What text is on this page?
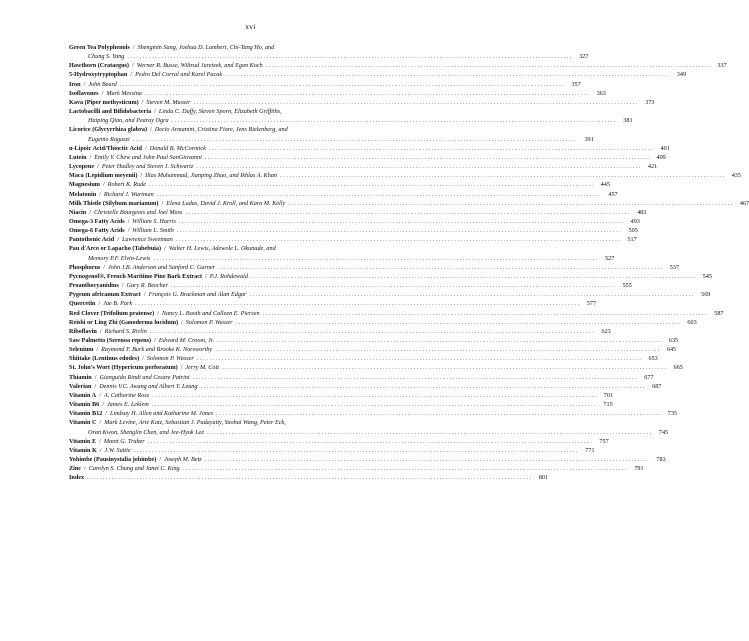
xvi
Green Tea Polyphenols / Shengmin Sang, Joshua D. Lambert, Chi-Tang Ho, and
Chung S. Yang . . .	327
Hawthorn (Crataegus) / Werner R. Busse, Wiltrud Juretzek, and Egon Koch . . .	337
5-Hydroxytryptophan / Pedro Del Corral and Karel Pacak . . .	349
Iron / John Beard . . .	357
Isoflavones / Mark Messina . . .	363
Kava (Piper methysticum) / Steven M. Musser . . .	373
Lactobacilli and Bifidobacteria / Linda C. Duffy, Steven Sporn, Elizabeth Griffiths,
Haiping Qiao, and Pearay Ogra . . .	381
Licorice (Glycyrrhiza glabra) / Decio Armanini, Cristina Fiore, Jens Bielenberg, and
Eugenio Ragazzi . . .	391
α-Lipoic Acid/Thioctic Acid / Donald B. McCormick . . .	401
Lutein / Emily Y. Chew and John Paul SanGiovanni . . .	409
Lycopene / Peter Hadley and Steven J. Schwartz . . .	421
Maca (Lepidium meyenii) / Ilias Muhammad, Jianping Zhao, and Ikhlas A. Khan . . .	435
Magnesium / Robert K. Rude . . .	445
Melatonin / Richard J. Wurtman . . .	457
Milk Thistle (Silybum marianum) / Elena Ladas, David J. Kroll, and Kara M. Kelly . . .	467
Niacin / Christelle Bourgeois and Joel Moss . . .	483
Omega-3 Fatty Acids / William S. Harris . . .	493
Omega-6 Fatty Acids / William L. Smith . . .	505
Pantothenic Acid / Lawrence Sweetman . . .	517
Pau d'Arco or Lapacho (Tabebuia) / Walter H. Lewis, Adewole L. Okunade, and
Memory P.F. Elvin-Lewis . . .	527
Phosphorus / John J.B. Anderson and Sanford C. Garner . . .	537
Pycnogenol®, French Maritime Pine Bark Extract / P.J. Rohdewald . . .	545
Proanthocyanidins / Gary R. Beecher . . .	555
Pygeum africanum Extract / François G. Brackman and Alan Edgar . . .	569
Quercetin / Jae B. Park . . .	577
Red Clover (Trifolium pratense) / Nancy L. Booth and Colleen E. Piersen . . .	587
Reishi or Ling Zhi (Ganoderma lucidum) / Solomon P. Wasser . . .	603
Riboflavin / Richard S. Rivlin . . .	623
Saw Palmetto (Serenoa repens) / Edward M. Croom, Jr. . . .	635
Selenium / Raymond F. Burk and Brooke K. Norsworthy . . .	645
Shiitake (Lentinus edodes) / Solomon P. Wasser . . .	653
St. John's Wort (Hypericum perforatum) / Jerry M. Cott . . .	665
Thiamin / Gianguido Rindi and Cesare Patrini . . .	677
Valerian / Dennis V.C. Awang and Albert Y. Leung . . .	687
Vitamin A / A. Catharine Ross . . .	701
Vitamin B6 / James E. Leklem . . .	715
Vitamin B12 / Lindsay H. Allen and Katharine M. Jones . . .	735
Vitamin C / Mark Levine, Arie Katz, Sebastian J. Padayatty, Yaohui Wang, Peter Eck,
Oran Kwon, Shenglin Chen, and Jee-Hyuk Lee . . .	745
Vitamin E / Maret G. Traber . . .	757
Vitamin K / J.W. Suttie . . .	771
Yohimbe (Pausinystalia johimbe) / Joseph M. Betz . . .	783
Zinc / Carolyn S. Chung and Janet C. King . . .	791
Index . . .	801
